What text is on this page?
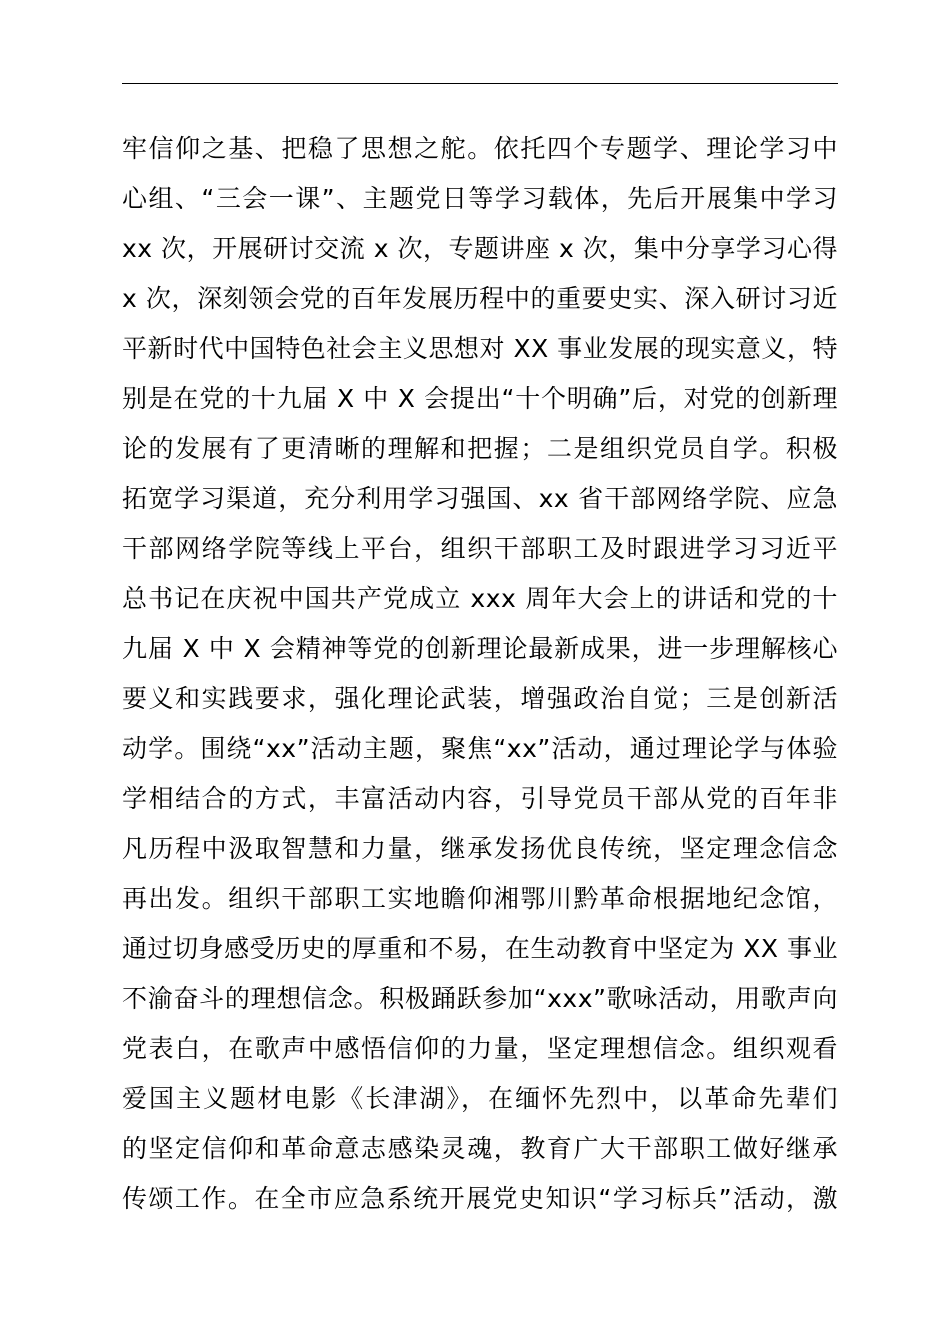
牢信仰之基、把稳了思想之舵。依托四个专题学、理论学习中
心组、“三会一课”、主题党日等学习载体，先后开展集中学习
xx 次，开展研讨交流 x 次，专题讲座 x 次，集中分享学习心得
x 次，深刻领会党的百年发展历程中的重要史实、深入研讨习近
平新时代中国特色社会主义思想对 XX 事业发展的现实意义，特
别是在党的十九届 X 中 X 会提出“十个明确”后，对党的创新理
论的发展有了更清晰的理解和把握；二是组织党员自学。积极
拓宽学习渠道，充分利用学习强国、xx 省干部网络学院、应急
干部网络学院等线上平台，组织干部职工及时跟进学习习近平
总书记在庆祝中国共产党成立 xxx 周年大会上的讲话和党的十
九届 X 中 X 会精神等党的创新理论最新成果，进一步理解核心
要义和实践要求，强化理论武装，增强政治自觉；三是创新活
动学。围绕“xx”活动主题，聚焦“xx”活动，通过理论学与体验
学相结合的方式，丰富活动内容，引导党员干部从党的百年非
凡历程中汲取智慧和力量，继承发扬优良传统，坚定理念信念
再出发。组织干部职工实地瞻仰湘鄂川黔革命根据地纪念馆，
通过切身感受历史的厚重和不易，在生动教育中坚定为 XX 事业
不渝奋斗的理想信念。积极踊跃参加“xxx”歌咏活动，用歌声向
党表白，在歌声中感悟信仰的力量，坚定理想信念。组织观看
爱国主义题材电影《长津湖》，在缅怀先烈中，以革命先辈们
的坚定信仰和革命意志感染灵魂，教育广大干部职工做好继承
传颂工作。在全市应急系统开展党史知识“学习标兵”活动，激
